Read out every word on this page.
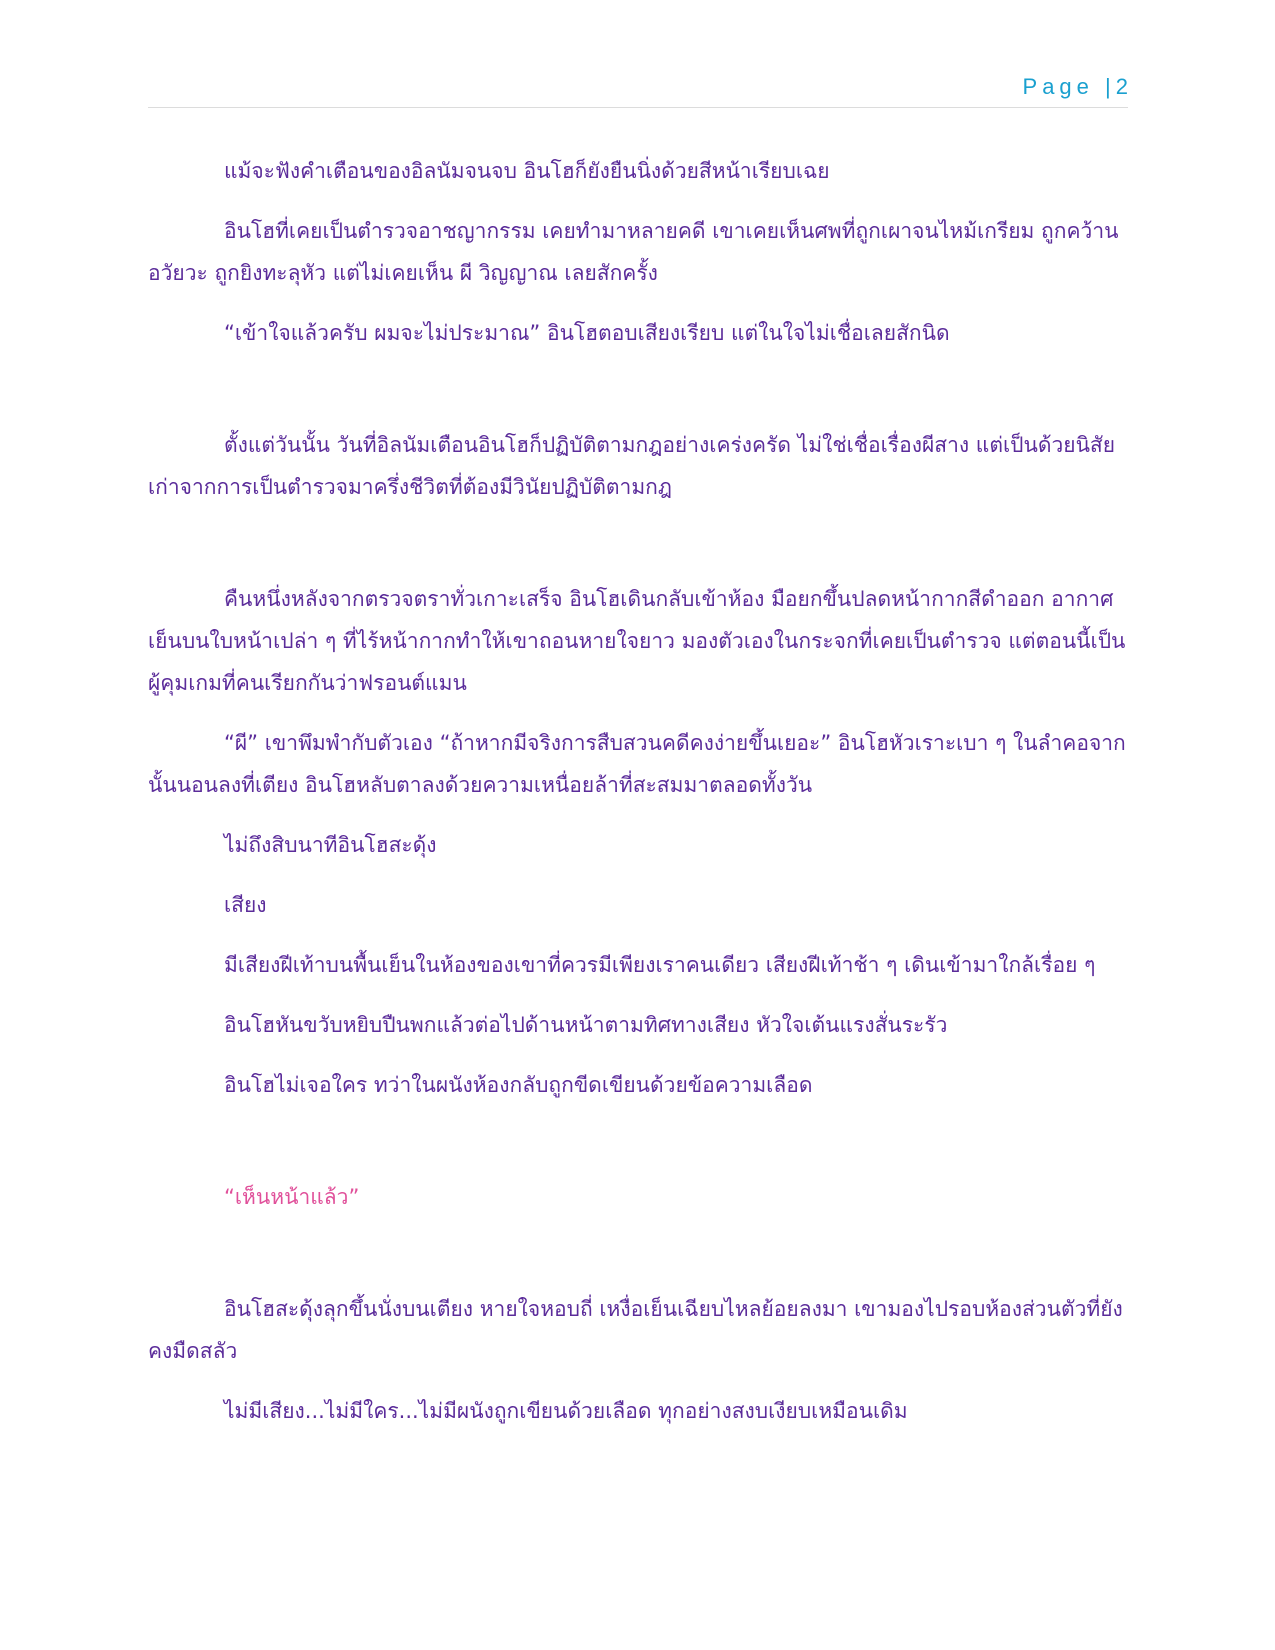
Page |2

แม้จะฟังคำเตือนของอิลนัมจนจบ อินโฮก็ยังยืนนิ่งด้วยสีหน้าเรียบเฉย

อินโฮที่เคยเป็นตำรวจอาชญากรรม เคยทำมาหลายคดี เขาเคยเห็นศพที่ถูกเผาจนไหม้เกรียม ถูกคว้านอวัยวะ ถูกยิงทะลุหัว แต่ไม่เคยเห็น ผี วิญญาณ เลยสักครั้ง

“เข้าใจแล้วครับ ผมจะไม่ประมาณ” อินโฮตอบเสียงเรียบ แต่ในใจไม่เชื่อเลยสักนิด

ตั้งแต่วันนั้น วันที่อิลนัมเตือนอินโฮก็ปฏิบัติตามกฎอย่างเคร่งครัด ไม่ใช่เชื่อเรื่องผีสาง แต่เป็นด้วยนิสัยเก่าจากการเป็นตำรวจมาครึ่งชีวิตที่ต้องมีวินัยปฏิบัติตามกฎ

คืนหนึ่งหลังจากตรวจตราทั่วเกาะเสร็จ อินโฮเดินกลับเข้าห้อง มือยกขึ้นปลดหน้ากากสีดำออก อากาศเย็นบนใบหน้าเปล่า ๆ ที่ไร้หน้ากากทำให้เขาถอนหายใจยาว มองตัวเองในกระจกที่เคยเป็นตำรวจ แต่ตอนนี้เป็นผู้คุมเกมที่คนเรียกกันว่าฟรอนต์แมน

“ผี” เขาพึมพำกับตัวเอง “ถ้าหากมีจริงการสืบสวนคดีคงง่ายขึ้นเยอะ” อินโฮหัวเราะเบา ๆ ในลำคอจากนั้นนอนลงที่เตียง อินโฮหลับตาลงด้วยความเหนื่อยล้าที่สะสมมาตลอดทั้งวัน

ไม่ถึงสิบนาทีอินโฮสะดุ้ง

เสียง

มีเสียงฝีเท้าบนพื้นเย็นในห้องของเขาที่ควรมีเพียงเราคนเดียว เสียงฝีเท้าช้า ๆ เดินเข้ามาใกล้เรื่อย ๆ

อินโฮหันขวับหยิบปืนพกแล้วต่อไปด้านหน้าตามทิศทางเสียง หัวใจเต้นแรงสั่นระรัว

อินโฮไม่เจอใคร ทว่าในผนังห้องกลับถูกขีดเขียนด้วยข้อความเลือด

“เห็นหน้าแล้ว”

อินโฮสะดุ้งลุกขึ้นนั่งบนเตียง หายใจหอบถี่ เหงื่อเย็นเฉียบไหลย้อยลงมา เขามองไปรอบห้องส่วนตัวที่ยังคงมืดสลัว

ไม่มีเสียง...ไม่มีใคร...ไม่มีผนังถูกเขียนด้วยเลือด ทุกอย่างสงบเงียบเหมือนเดิม
